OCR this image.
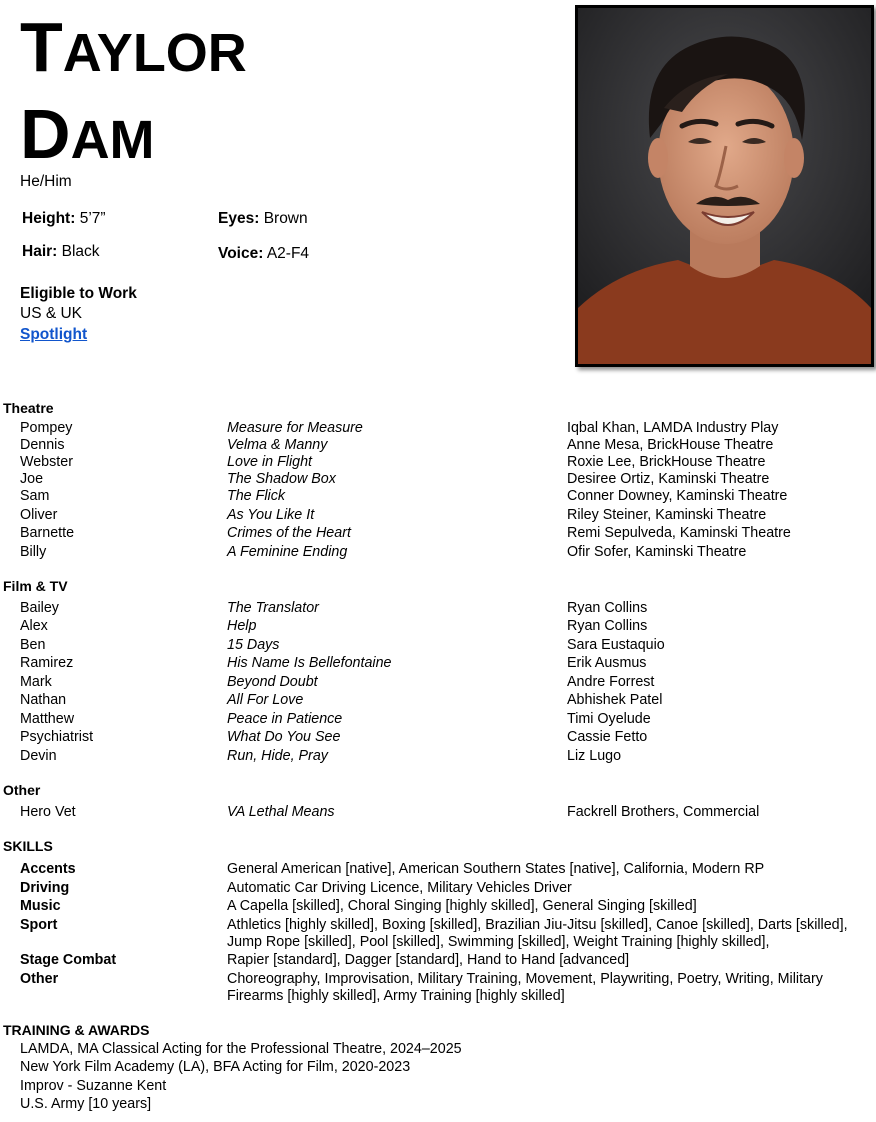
TAYLOR
DAM
He/Him
Height: 5’7”	Eyes: Brown
Hair: Black	Voice: A2-F4
Eligible to Work
US & UK
Spotlight
Theatre
Pompey	Measure for Measure	Iqbal Khan, LAMDA Industry Play
Dennis	Velma & Manny	Anne Mesa, BrickHouse Theatre
Webster	Love in Flight	Roxie Lee, BrickHouse Theatre
Joe	The Shadow Box	Desiree Ortiz, Kaminski Theatre
Sam	The Flick	Conner Downey, Kaminski Theatre
Oliver	As You Like It	Riley Steiner, Kaminski Theatre
Barnette	Crimes of the Heart	Remi Sepulveda, Kaminski Theatre
Billy	A Feminine Ending	Ofir Sofer, Kaminski Theatre
Film & TV
Bailey	The Translator	Ryan Collins
Alex	Help	Ryan Collins
Ben	15 Days	Sara Eustaquio
Ramirez	His Name Is Bellefontaine	Erik Ausmus
Mark	Beyond Doubt	Andre Forrest
Nathan	All For Love	Abhishek Patel
Matthew	Peace in Patience	Timi Oyelude
Psychiatrist	What Do You See	Cassie Fetto
Devin	Run, Hide, Pray	Liz Lugo
Other
Hero Vet	VA Lethal Means	Fackrell Brothers, Commercial
SKILLS
Accents	General American [native], American Southern States [native], California, Modern RP
Driving	Automatic Car Driving Licence, Military Vehicles Driver
Music	A Capella [skilled], Choral Singing [highly skilled], General Singing [skilled]
Sport	Athletics [highly skilled], Boxing [skilled], Brazilian Jiu-Jitsu [skilled], Canoe [skilled], Darts [skilled], Jump Rope [skilled], Pool [skilled], Swimming [skilled], Weight Training [highly skilled],
Stage Combat	Rapier [standard], Dagger [standard], Hand to Hand [advanced]
Other	Choreography, Improvisation, Military Training, Movement, Playwriting, Poetry, Writing, Military Firearms [highly skilled], Army Training [highly skilled]
TRAINING & AWARDS
LAMDA, MA Classical Acting for the Professional Theatre, 2024–2025
New York Film Academy (LA), BFA Acting for Film, 2020-2023
Improv - Suzanne Kent
U.S. Army [10 years]
